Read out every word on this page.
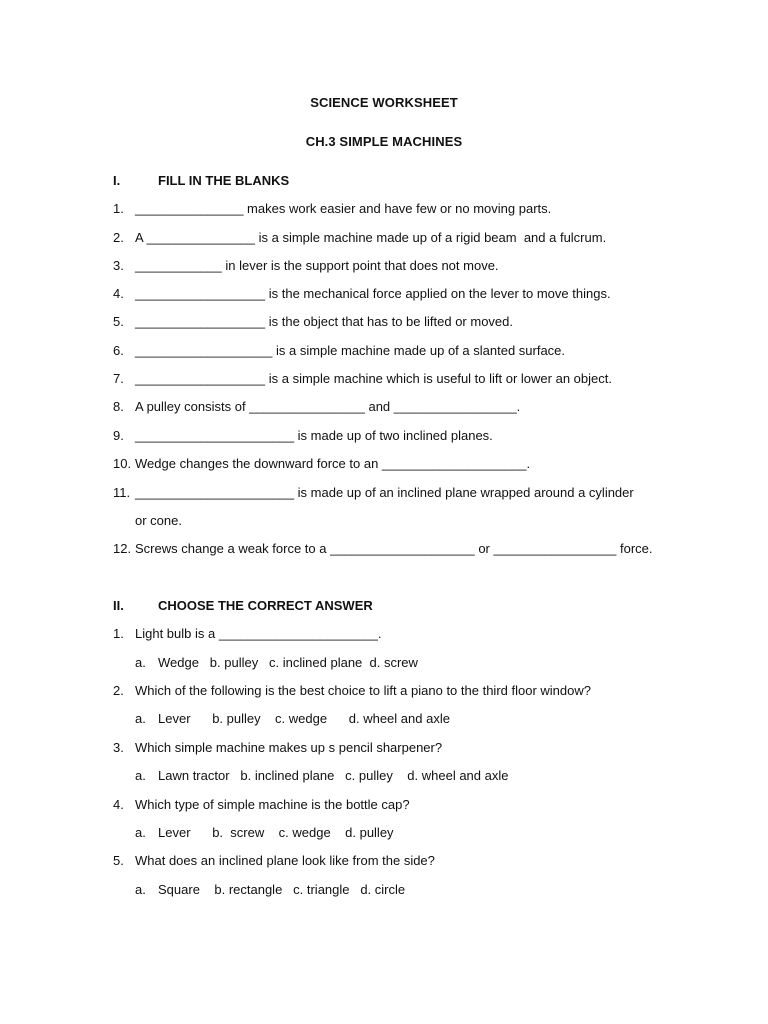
SCIENCE WORKSHEET
CH.3 SIMPLE MACHINES
I.	FILL IN THE BLANKS
1. _______________ makes work easier and have few or no moving parts.
2. A _______________ is a simple machine made up of a rigid beam  and a fulcrum.
3. ____________ in lever is the support point that does not move.
4. __________________ is the mechanical force applied on the lever to move things.
5. __________________ is the object that has to be lifted or moved.
6. ___________________ is a simple machine made up of a slanted surface.
7. __________________ is a simple machine which is useful to lift or lower an object.
8. A pulley consists of ________________ and _________________.
9. ______________________ is made up of two inclined planes.
10. Wedge changes the downward force to an ____________________.
11. ______________________ is made up of an inclined plane wrapped around a cylinder
or cone.
12. Screws change a weak force to a ____________________ or _________________ force.
II.	CHOOSE THE CORRECT ANSWER
1. Light bulb is a ______________________.
a. Wedge   b. pulley   c. inclined plane  d. screw
2. Which of the following is the best choice to lift a piano to the third floor window?
a. Lever      b. pulley    c. wedge      d. wheel and axle
3. Which simple machine makes up s pencil sharpener?
a. Lawn tractor   b. inclined plane   c. pulley    d. wheel and axle
4. Which type of simple machine is the bottle cap?
a. Lever      b.  screw    c. wedge    d. pulley
5. What does an inclined plane look like from the side?
a. Square    b. rectangle   c. triangle   d. circle
